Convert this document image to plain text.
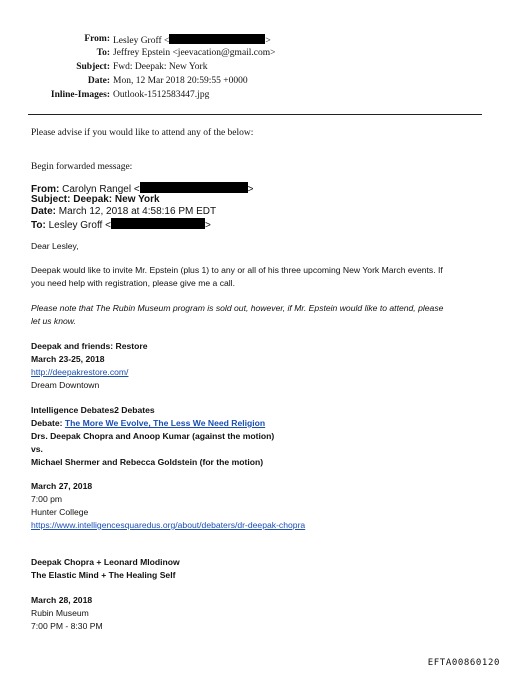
From: Lesley Groff <	>
To: Jeffrey Epstein <jeevacation@gmail.com>
Subject: Fwd: Deepak: New York
Date: Mon, 12 Mar 2018 20:59:55 +0000
Inline-Images: Outlook-1512583447.jpg
Please advise if you would like to attend any of the below:
Begin forwarded message:
From: Carolyn Rangel <	>
Subject: Deepak: New York
Date: March 12, 2018 at 4:58:16 PM EDT
To: Lesley Groff <	>
Dear Lesley,
Deepak would like to invite Mr. Epstein (plus 1) to any or all of his three upcoming New York March events. If
you need help with registration, please give me a call.
Please note that The Rubin Museum program is sold out, however, if Mr. Epstein would like to attend, please
let us know.
Deepak and friends: Restore
March 23-25, 2018
http://deepakrestore.com/
Dream Downtown
Intelligence Debates2 Debates
Debate: The More We Evolve, The Less We Need Religion
Drs. Deepak Chopra and Anoop Kumar (against the motion)
vs.
Michael Shermer and Rebecca Goldstein (for the motion)
March 27, 2018
7:00 pm
Hunter College
https://www.intelligencesquaredus.org/about/debaters/dr-deepak-chopra
Deepak Chopra + Leonard Mlodinow
The Elastic Mind + The Healing Self
March 28, 2018
Rubin Museum
7:00 PM - 8:30 PM
EFTA00860120
